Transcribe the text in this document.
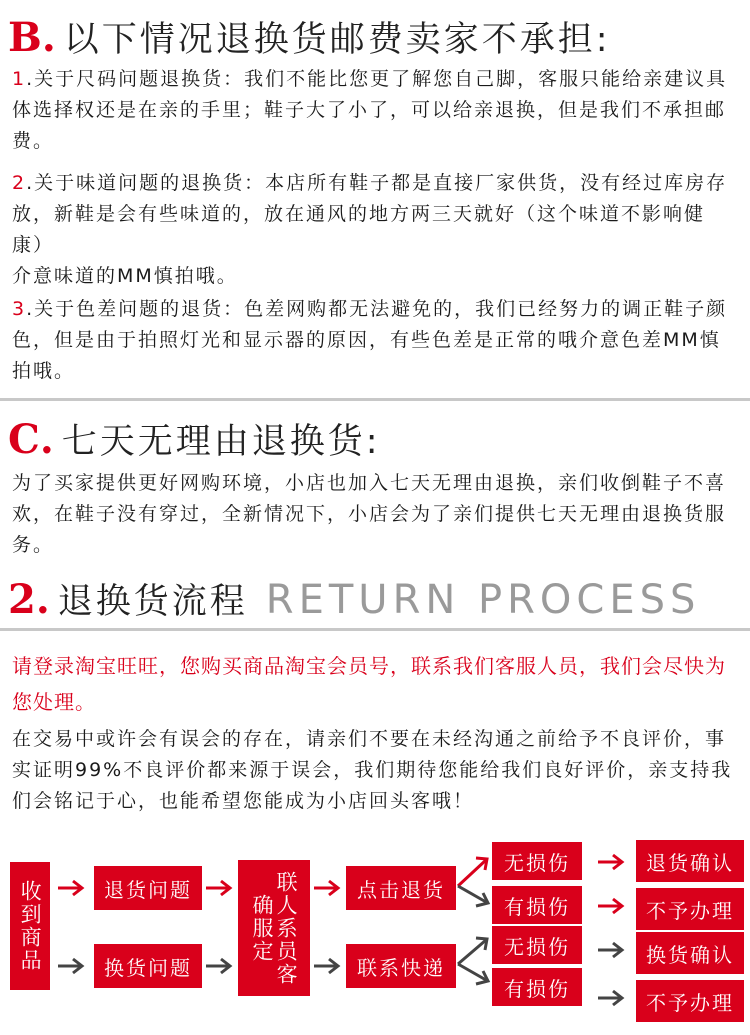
B . 以下情况退换货邮费卖家不承担 :
1.关于尺码问题退换货：我们不能比您更了解您自己脚，客服只能给亲建议具体选择权还是在亲的手里；鞋子大了小了，可以给亲退换，但是我们不承担邮费。
2.关于味道问题的退换货：本店所有鞋子都是直接厂家供货，没有经过库房存放，新鞋是会有些味道的，放在通风的地方两三天就好（这个味道不影响健康）
介意味道的MM慎拍哦。
3.关于色差问题的退货：色差网购都无法避免的，我们已经努力的调正鞋子颜色，但是由于拍照灯光和显示器的原因，有些色差是正常的哦介意色差MM慎拍哦。
C . 七天无理由退换货 :
为了买家提供更好网购环境，小店也加入七天无理由退换，亲们收倒鞋子不喜欢，在鞋子没有穿过，全新情况下，小店会为了亲们提供七天无理由退换货服务。
2 . 退换货流程 RETURN PROCESS
请登录淘宝旺旺，您购买商品淘宝会员号，联系我们客服人员，我们会尽快为您处理。
在交易中或许会有误会的存在，请亲们不要在未经沟通之前给予不良评价，事实证明99%不良评价都来源于误会，我们期待您能给我们良好评价，亲支持我们会铭记于心，也能希望您能成为小店回头客哦！
收到商品	退货问题
换货问题	联人系员客确服定
点击退货
联系快递
无损伤
有损伤
无损伤
有损伤
退货确认
不予办理
换货确认
不予办理
